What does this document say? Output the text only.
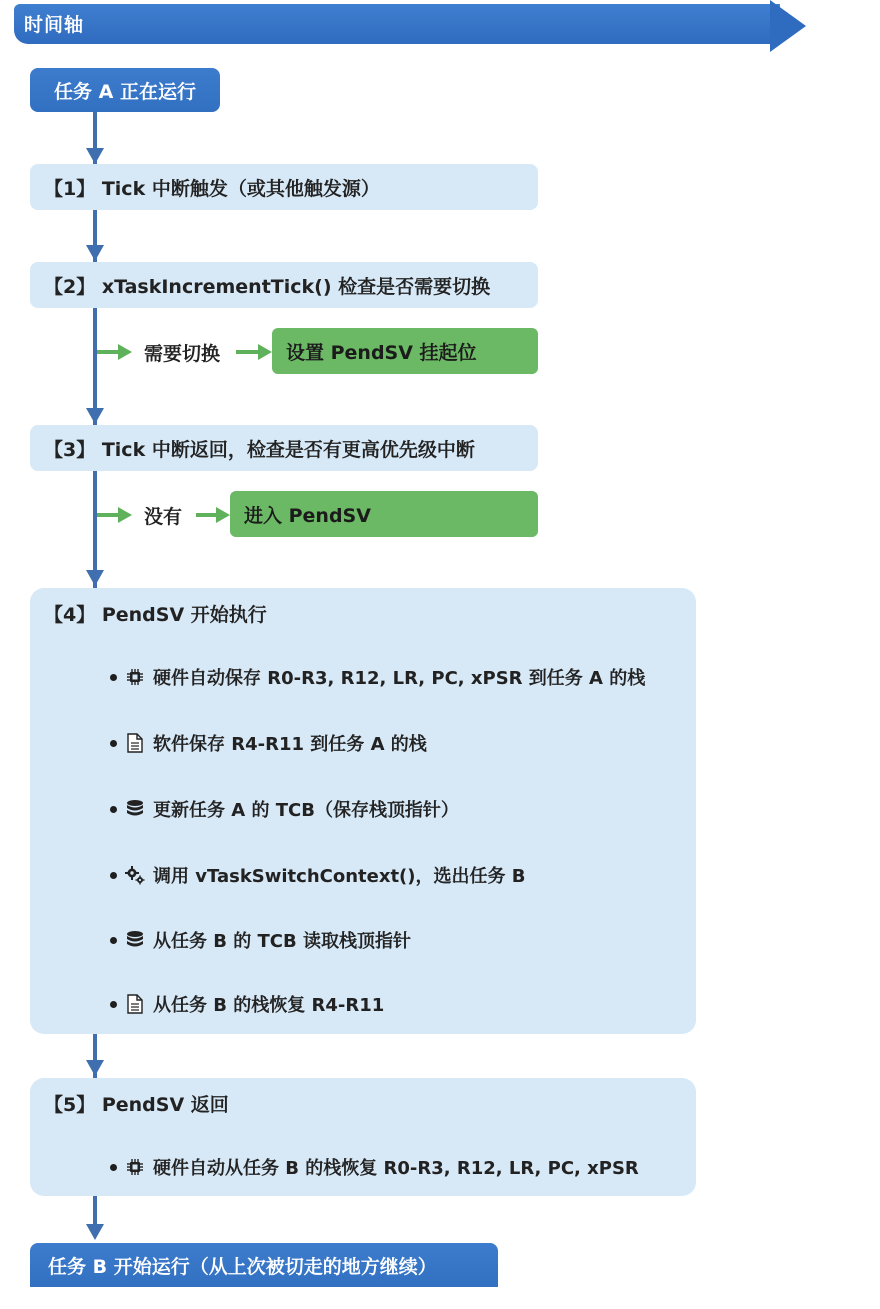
时间轴
任务 A 正在运行
【1】 Tick 中断触发（或其他触发源）
【2】 xTaskIncrementTick() 检查是否需要切换
需要切换	设置 PendSV 挂起位
【3】 Tick 中断返回，检查是否有更高优先级中断
没有	进入 PendSV
【4】 PendSV 开始执行
硬件自动保存 R0-R3, R12, LR, PC, xPSR 到任务 A 的栈
软件保存 R4-R11 到任务 A 的栈
更新任务 A 的 TCB（保存栈顶指针）
调用 vTaskSwitchContext()，选出任务 B
从任务 B 的 TCB 读取栈顶指针
从任务 B 的栈恢复 R4-R11
【5】 PendSV 返回
硬件自动从任务 B 的栈恢复 R0-R3, R12, LR, PC, xPSR
任务 B 开始运行（从上次被切走的地方继续）
